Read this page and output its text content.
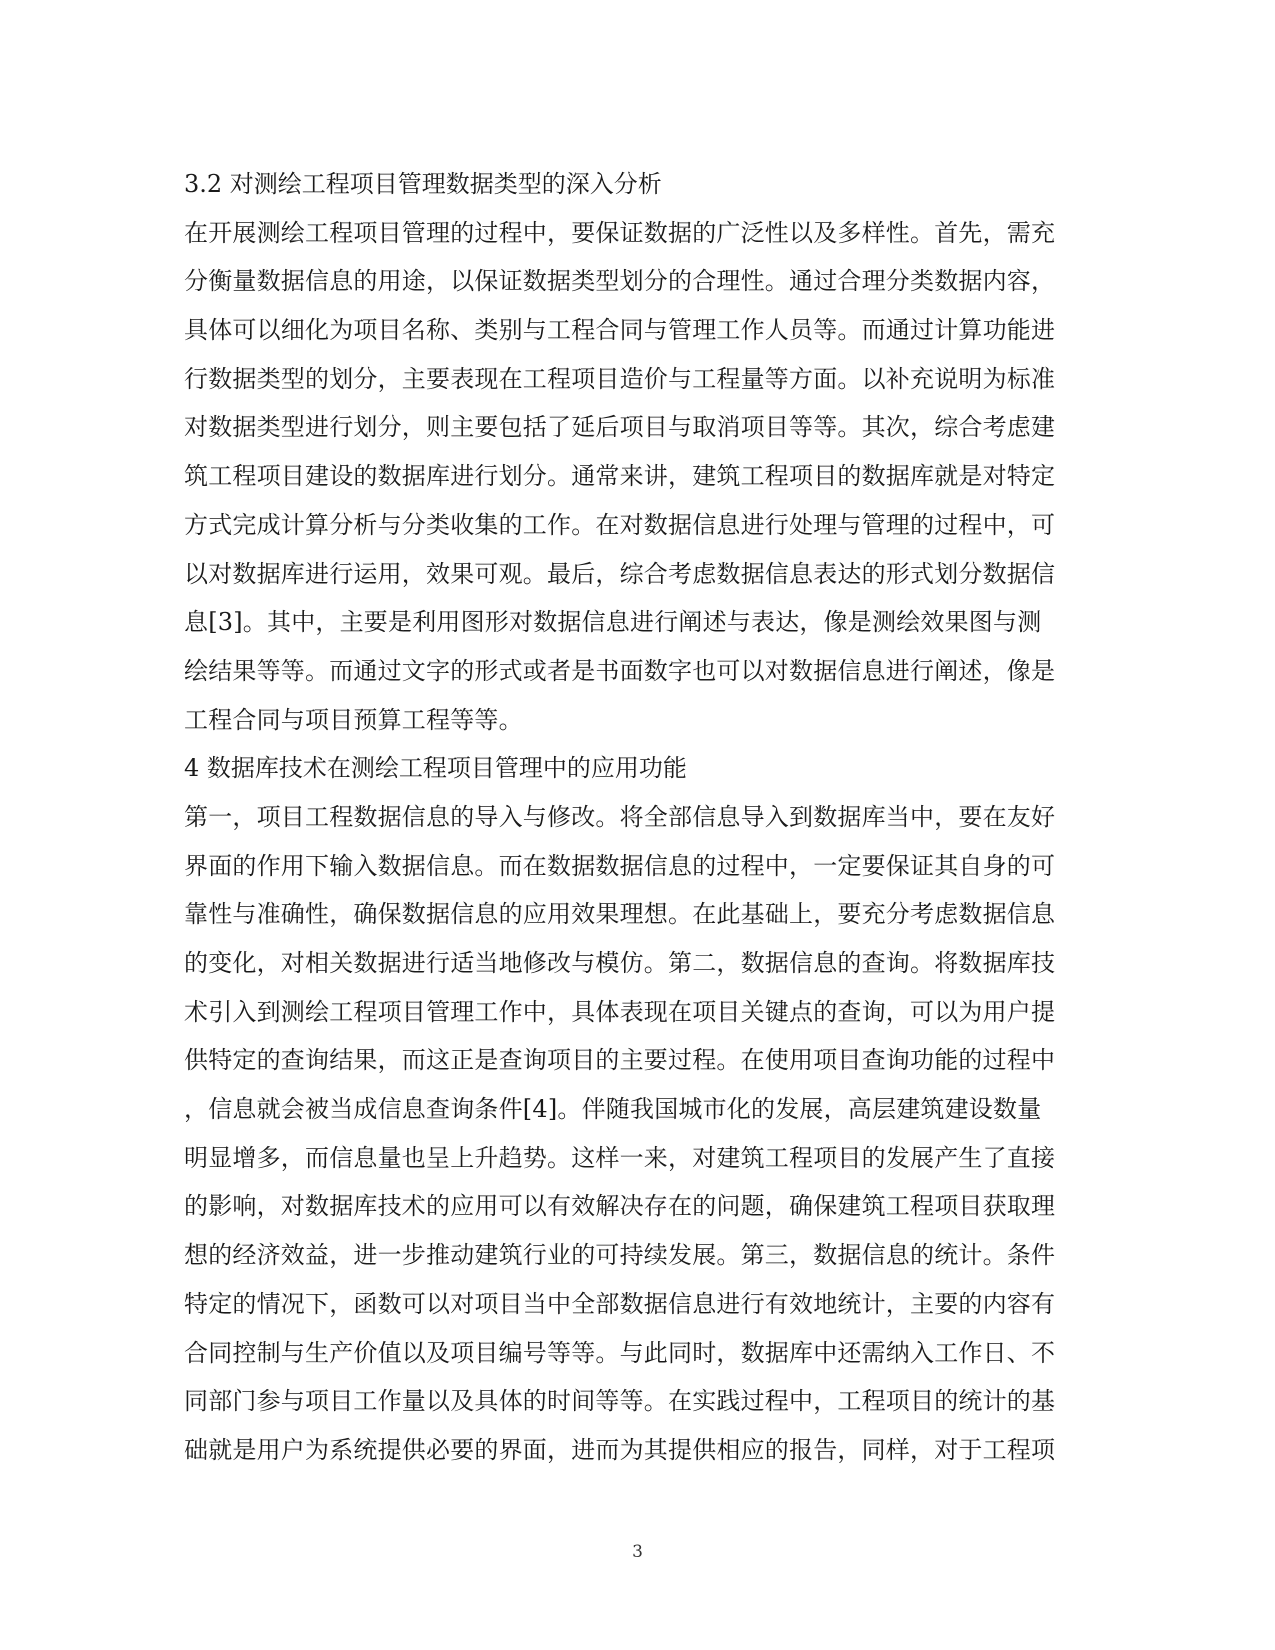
3.2 对测绘工程项目管理数据类型的深入分析
在开展测绘工程项目管理的过程中，要保证数据的广泛性以及多样性。首先，需充
分衡量数据信息的用途，以保证数据类型划分的合理性。通过合理分类数据内容，
具体可以细化为项目名称、类别与工程合同与管理工作人员等。而通过计算功能进
行数据类型的划分，主要表现在工程项目造价与工程量等方面。以补充说明为标准
对数据类型进行划分，则主要包括了延后项目与取消项目等等。其次，综合考虑建
筑工程项目建设的数据库进行划分。通常来讲，建筑工程项目的数据库就是对特定
方式完成计算分析与分类收集的工作。在对数据信息进行处理与管理的过程中，可
以对数据库进行运用，效果可观。最后，综合考虑数据信息表达的形式划分数据信
息[3]。其中，主要是利用图形对数据信息进行阐述与表达，像是测绘效果图与测
绘结果等等。而通过文字的形式或者是书面数字也可以对数据信息进行阐述，像是
工程合同与项目预算工程等等。
4 数据库技术在测绘工程项目管理中的应用功能
第一，项目工程数据信息的导入与修改。将全部信息导入到数据库当中，要在友好
界面的作用下输入数据信息。而在数据数据信息的过程中，一定要保证其自身的可
靠性与准确性，确保数据信息的应用效果理想。在此基础上，要充分考虑数据信息
的变化，对相关数据进行适当地修改与模仿。第二，数据信息的查询。将数据库技
术引入到测绘工程项目管理工作中，具体表现在项目关键点的查询，可以为用户提
供特定的查询结果，而这正是查询项目的主要过程。在使用项目查询功能的过程中
，信息就会被当成信息查询条件[4]。伴随我国城市化的发展，高层建筑建设数量
明显增多，而信息量也呈上升趋势。这样一来，对建筑工程项目的发展产生了直接
的影响，对数据库技术的应用可以有效解决存在的问题，确保建筑工程项目获取理
想的经济效益，进一步推动建筑行业的可持续发展。第三，数据信息的统计。条件
特定的情况下，函数可以对项目当中全部数据信息进行有效地统计，主要的内容有
合同控制与生产价值以及项目编号等等。与此同时，数据库中还需纳入工作日、不
同部门参与项目工作量以及具体的时间等等。在实践过程中，工程项目的统计的基
础就是用户为系统提供必要的界面，进而为其提供相应的报告，同样，对于工程项
3
